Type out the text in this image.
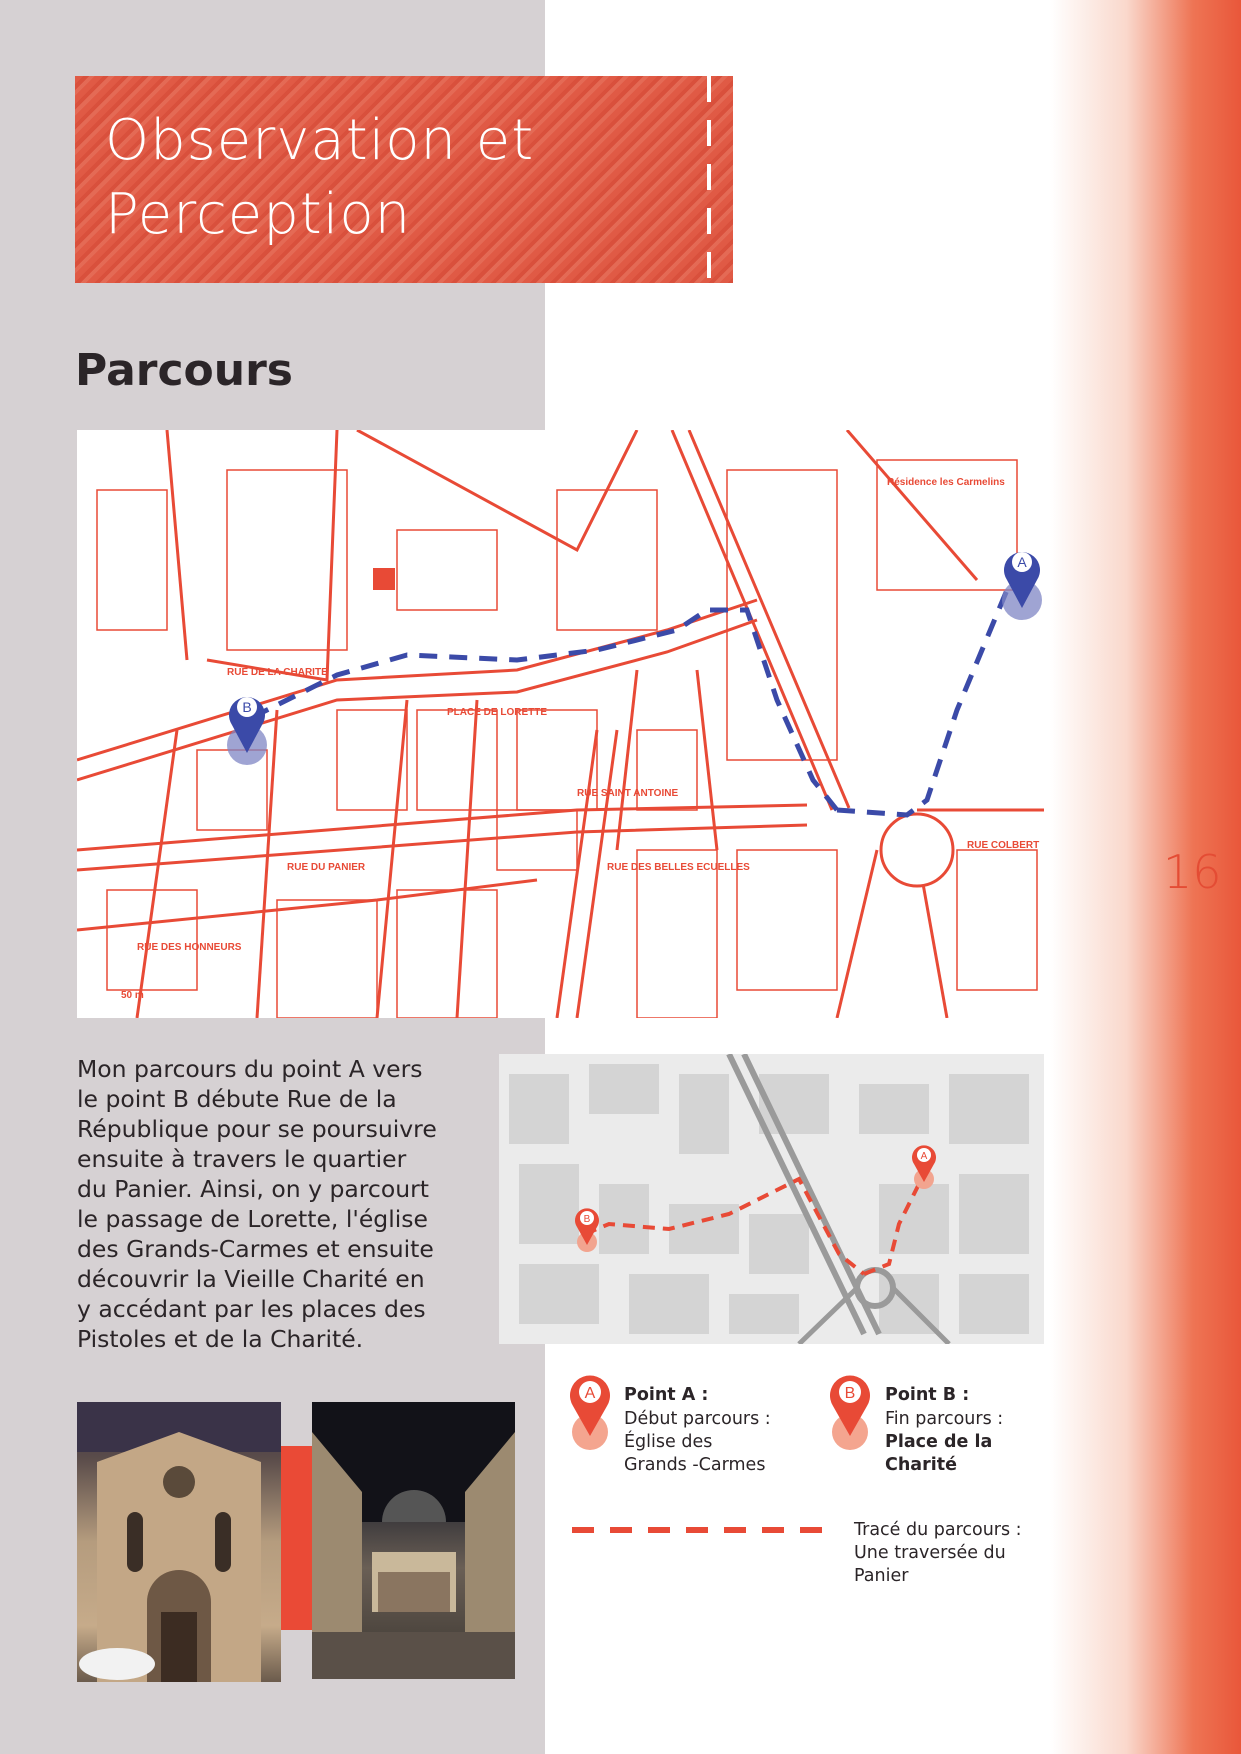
16
Observation et
Perception
Parcours
RUE DE LA CHARITE
PLACE DE LORETTE
RUE DU PANIER
RUE SAINT ANTOINE
RUE DES BELLES ECUELLES
RUE DES HONNEURS
RUE COLBERT
Résidence les Carmelins
50 m
A
B
A
B
Mon parcours du point A vers
le point B débute Rue de la
République pour se poursuivre
ensuite à travers le quartier
du Panier. Ainsi, on y parcourt
le passage de Lorette, l'église
des Grands-Carmes et ensuite
découvrir la Vieille Charité en
y accédant par les places des
Pistoles et de la Charité.
A Point A :
Début parcours :
Église des
Grands -Carmes
B Point B :
Fin parcours :
Place de la
Charité
Tracé du parcours :
Une traversée du
Panier
